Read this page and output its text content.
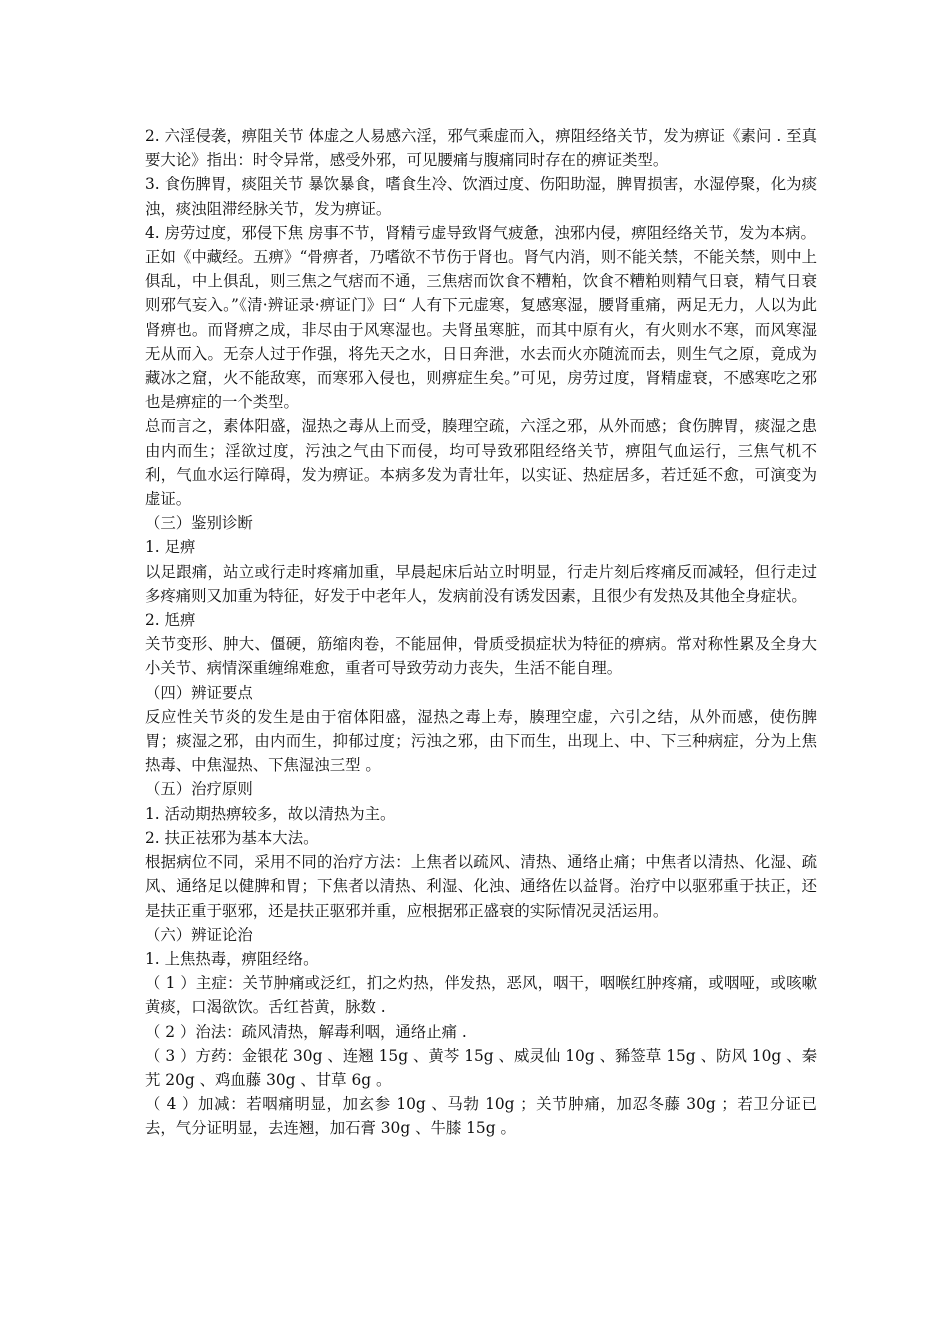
2. 六淫侵袭，痹阻关节 体虚之人易感六淫，邪气乘虚而入，痹阻经络关节，发为痹证《素问 . 至真要大论》指出：时令异常，感受外邪，可见腰痛与腹痛同时存在的痹证类型。

3. 食伤脾胃，痰阻关节 暴饮暴食，嗜食生冷、饮酒过度、伤阳助湿，脾胃损害，水湿停聚，化为痰浊，痰浊阻滞经脉关节，发为痹证。

4. 房劳过度，邪侵下焦 房事不节，肾精亏虚导致肾气疲惫，浊邪内侵，痹阻经络关节，发为本病。

正如《中藏经。五痹》“骨痹者，乃嗜欲不节伤于肾也。肾气内消，则不能关禁，不能关禁，则中上俱乱，中上俱乱，则三焦之气痞而不通，三焦痞而饮食不糟粕，饮食不糟粕则精气日衰，精气日衰则邪气妄入。”《清·辨证录·痹证门》曰“ 人有下元虚寒，复感寒湿，腰肾重痛，两足无力，人以为此肾痹也。而肾痹之成，非尽由于风寒湿也。夫肾虽寒脏，而其中原有火，有火则水不寒，而风寒湿无从而入。无奈人过于作强，将先天之水，日日奔泄，水去而火亦随流而去，则生气之原，竟成为藏冰之窟，火不能敌寒，而寒邪入侵也，则痹症生矣。”可见，房劳过度，肾精虚衰，不感寒吃之邪也是痹症的一个类型。

总而言之，素体阳盛，湿热之毒从上而受，腠理空疏，六淫之邪，从外而感；食伤脾胃，痰湿之患由内而生；淫欲过度，污浊之气由下而侵，均可导致邪阻经络关节，痹阻气血运行，三焦气机不利，气血水运行障碍，发为痹证。本病多发为青壮年，以实证、热症居多，若迁延不愈，可演变为虚证。

（三）鉴别诊断

1. 足痹

以足跟痛，站立或行走时疼痛加重，早晨起床后站立时明显，行走片刻后疼痛反而减轻，但行走过多疼痛则又加重为特征，好发于中老年人，发病前没有诱发因素，且很少有发热及其他全身症状。

2. 尪痹

关节变形、肿大、僵硬，筋缩肉卷，不能屈伸，骨质受损症状为特征的痹病。常对称性累及全身大小关节、病情深重缠绵难愈，重者可导致劳动力丧失，生活不能自理。

（四）辨证要点

反应性关节炎的发生是由于宿体阳盛，湿热之毒上寿，腠理空虚，六引之结，从外而感，使伤脾胃；痰湿之邪，由内而生，抑郁过度；污浊之邪，由下而生，出现上、中、下三种病症，分为上焦热毒、中焦湿热、下焦湿浊三型 。

（五）治疗原则

1. 活动期热痹较多，故以清热为主。

2. 扶正祛邪为基本大法。

根据病位不同，采用不同的治疗方法：上焦者以疏风、清热、通络止痛；中焦者以清热、化湿、疏风、通络足以健脾和胃；下焦者以清热、利湿、化浊、通络佐以益肾。治疗中以驱邪重于扶正，还是扶正重于驱邪，还是扶正驱邪并重，应根据邪正盛衰的实际情况灵活运用。

（六）辨证论治

1. 上焦热毒，痹阻经络。

（ 1 ）主症：关节肿痛或泛红，扪之灼热，伴发热，恶风，咽干，咽喉红肿疼痛，或咽哑，或咳嗽黄痰，口渴欲饮。舌红苔黄，脉数 .

（ 2 ）治法：疏风清热，解毒利咽，通络止痛 .

（ 3 ）方药：金银花 30g 、连翘 15g 、黄芩 15g 、威灵仙 10g 、豨签草 15g 、防风 10g 、秦艽 20g 、鸡血藤 30g 、甘草 6g 。

（ 4 ）加减：若咽痛明显，加玄参 10g 、马勃 10g ；关节肿痛，加忍冬藤 30g ；若卫分证已去，气分证明显，去连翘，加石膏 30g 、牛膝 15g 。
